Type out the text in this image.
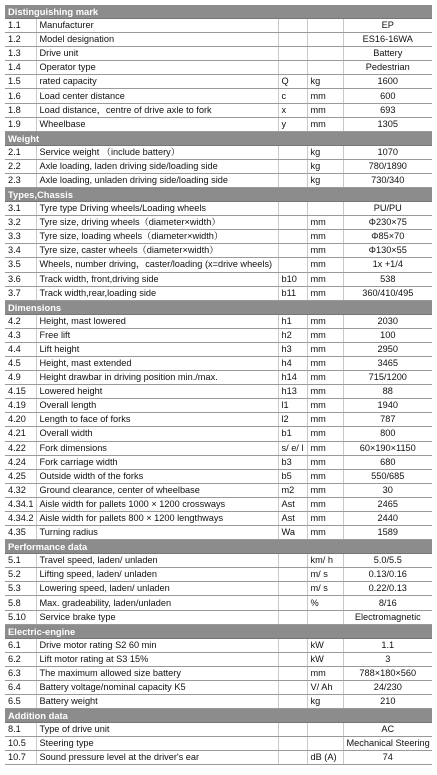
Distinguishing mark				
1.1	Manufacturer			EP
1.2	Model designation			ES16-16WA
1.3	Drive unit			Battery
1.4	Operator type			Pedestrian
1.5	rated capacity	Q	kg	1600
1.6	Load center distance	c	mm	600
1.8	Load distance，centre of drive axle to fork	x	mm	693
1.9	Wheelbase	y	mm	1305
Weight				
2.1	Service weight （include battery）		kg	1070
2.2	Axle loading, laden driving side/loading side		kg	780/1890
2.3	Axle loading, unladen driving side/loading side		kg	730/340
Types,Chassis				
3.1	Tyre type Driving wheels/Loading wheels			PU/PU
3.2	Tyre size, driving wheels（diameter×width）		mm	Φ230×75
3.3	Tyre size, loading wheels（diameter×width）		mm	Φ85×70
3.4	Tyre size, caster wheels（diameter×width）		mm	Φ130×55
3.5	Wheels, number driving，caster/loading (x=drive wheels)		mm	1x +1/4
3.6	Track width, front,driving side	b10	mm	538
3.7	Track width,rear,loading side	b11	mm	360/410/495
Dimensions				
4.2	Height, mast lowered	h1	mm	2030
4.3	Free lift	h2	mm	100
4.4	Lift height	h3	mm	2950
4.5	Height, mast extended	h4	mm	3465
4.9	Height drawbar in driving position min./max.	h14	mm	715/1200
4.15	Lowered height	h13	mm	88
4.19	Overall length	l1	mm	1940
4.20	Length to face of forks	l2	mm	787
4.21	Overall width	b1	mm	800
4.22	Fork dimensions	s/ e/ l	mm	60×190×1150
4.24	Fork carriage width	b3	mm	680
4.25	Outside width of the forks	b5	mm	550/685
4.32	Ground clearance, center of wheelbase	m2	mm	30
4.34.1	Aisle width for pallets 1000 × 1200 crossways	Ast	mm	2465
4.34.2	Aisle width for pallets 800 × 1200 lengthways	Ast	mm	2440
4.35	Turning radius	Wa	mm	1589
Performance data				
5.1	Travel speed, laden/ unladen		km/ h	5.0/5.5
5.2	Lifting speed, laden/ unladen		m/ s	0.13/0.16
5.3	Lowering speed, laden/ unladen		m/ s	0.22/0.13
5.8	Max. gradeability, laden/unladen		%	8/16
5.10	Service brake type			Electromagnetic
Electric-engine				
6.1	Drive motor rating S2 60 min		kW	1.1
6.2	Lift motor rating at S3 15%		kW	3
6.3	The maximum allowed size battery		mm	788×180×560
6.4	Battery voltage/nominal capacity K5		V/ Ah	24/230
6.5	Battery weight		kg	210
Addition data				
8.1	Type of drive unit			AC
10.5	Steering type			Mechanical Steering
10.7	Sound pressure level at the driver's ear		dB (A)	74
